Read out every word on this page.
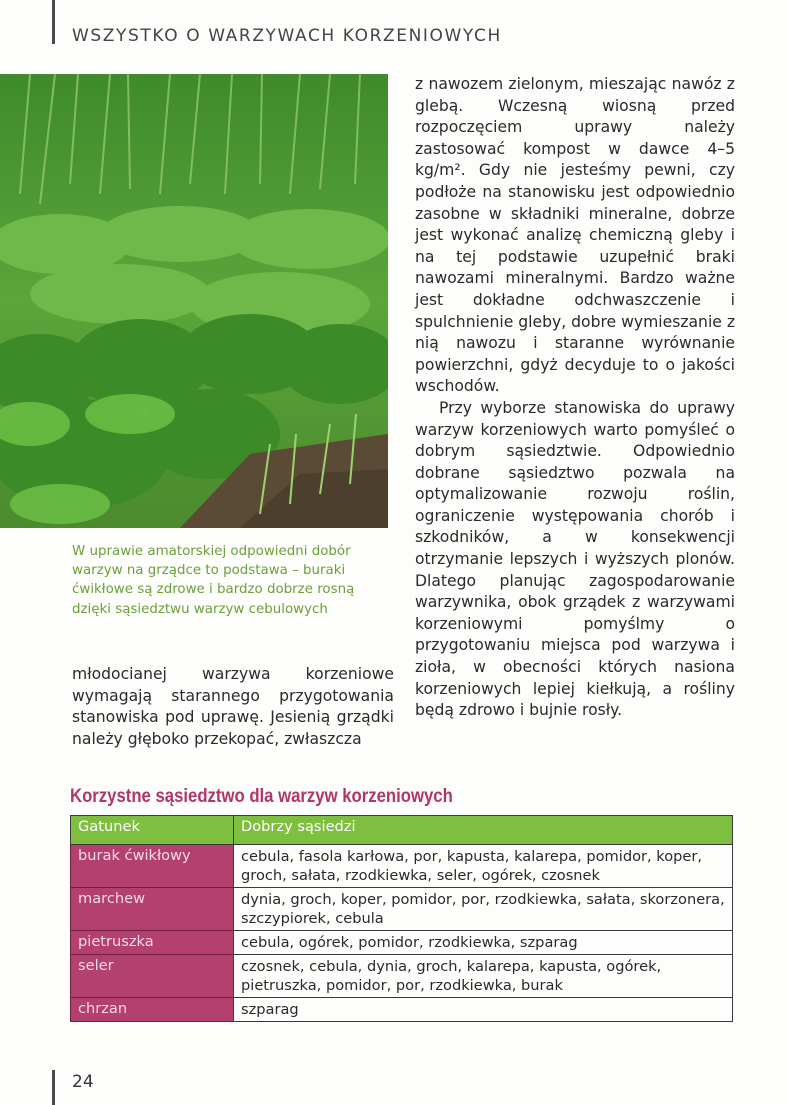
WSZYSTKO O WARZYWACH KORZENIOWYCH
W uprawie amatorskiej odpowiedni dobór warzyw na grządce to podstawa – buraki ćwikłowe są zdrowe i bardzo dobrze rosną dzięki sąsiedztwu warzyw cebulowych

młodocianej warzywa korzeniowe wymagają starannego przygotowania stanowiska pod uprawę. Jesienią grządki należy głęboko przekopać, zwłaszcza

z nawozem zielonym, mieszając nawóz z glebą. Wczesną wiosną przed rozpoczęciem uprawy należy zastosować kompost w dawce 4–5 kg/m². Gdy nie jesteśmy pewni, czy podłoże na stanowisku jest odpowiednio zasobne w składniki mineralne, dobrze jest wykonać analizę chemiczną gleby i na tej podstawie uzupełnić braki nawozami mineralnymi. Bardzo ważne jest dokładne odchwaszczenie i spulchnienie gleby, dobre wymieszanie z nią nawozu i staranne wyrównanie powierzchni, gdyż decyduje to o jakości wschodów.

Przy wyborze stanowiska do uprawy warzyw korzeniowych warto pomyśleć o dobrym sąsiedztwie. Odpowiednio dobrane sąsiedztwo pozwala na optymalizowanie rozwoju roślin, ograniczenie występowania chorób i szkodników, a w konsekwencji otrzymanie lepszych i wyższych plonów. Dlatego planując zagospodarowanie warzywnika, obok grządek z warzywami korzeniowymi pomyślmy o przygotowaniu miejsca pod warzywa i zioła, w obecności których nasiona korzeniowych lepiej kiełkują, a rośliny będą zdrowo i bujnie rosły.

Korzystne sąsiedztwo dla warzyw korzeniowych
Gatunek	Dobrzy sąsiedzi
burak ćwikłowy	cebula, fasola karłowa, por, kapusta, kalarepa, pomidor, koper, groch, sałata, rzodkiewka, seler, ogórek, czosnek
marchew	dynia, groch, koper, pomidor, por, rzodkiewka, sałata, skorzonera, szczypiorek, cebula
pietruszka	cebula, ogórek, pomidor, rzodkiewka, szparag
seler	czosnek, cebula, dynia, groch, kalarepa, kapusta, ogórek, pietruszka, pomidor, por, rzodkiewka, burak
chrzan	szparag
24
